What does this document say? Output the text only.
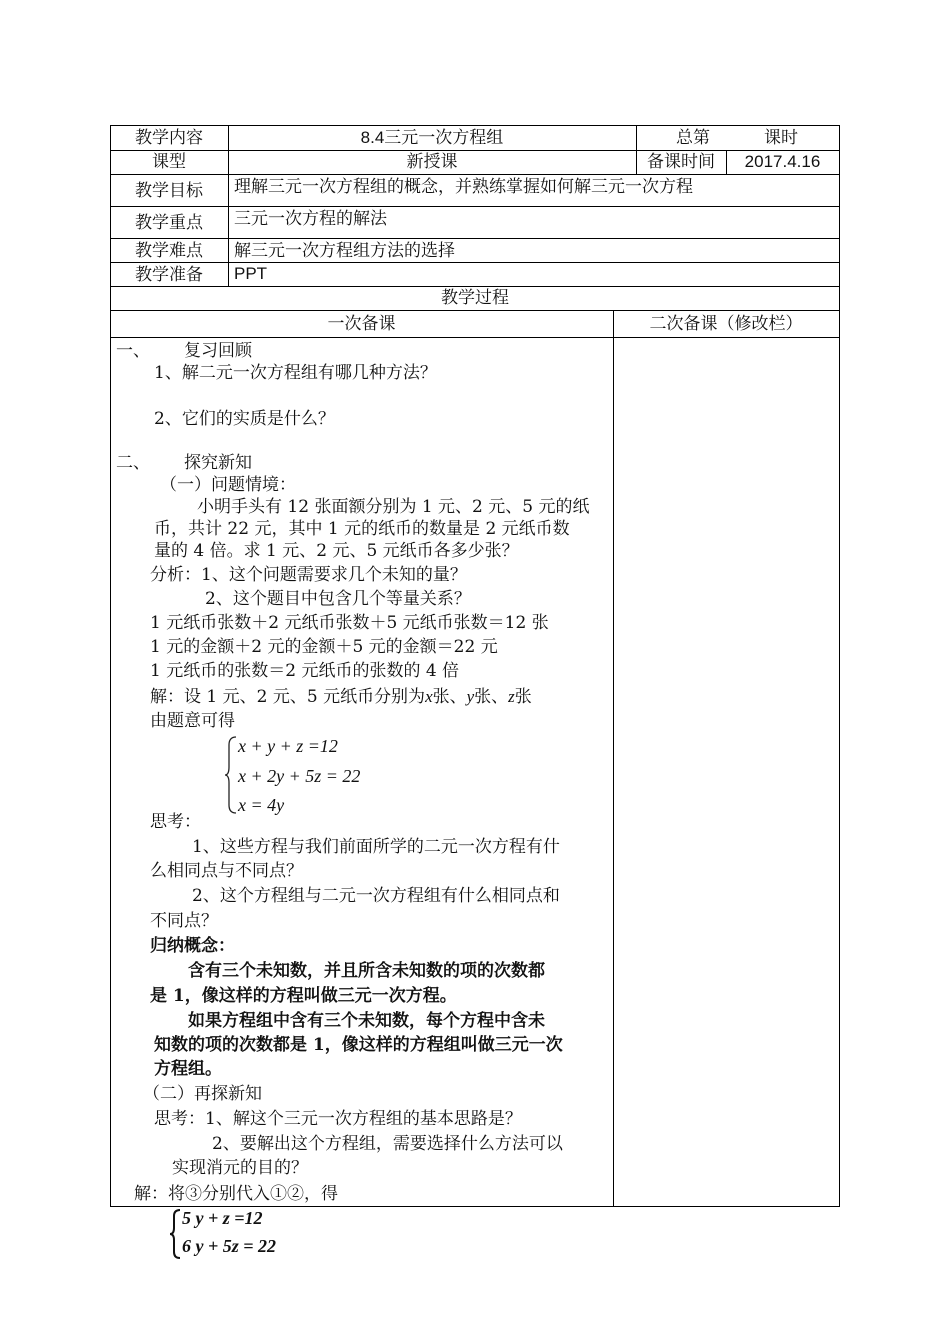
教学内容	8.4三元一次方程组	总第	课时
课型	新授课	备课时间	2017.4.16
教学目标	理解三元一次方程组的概念，并熟练掌握如何解三元一次方程
教学重点	三元一次方程的解法
教学难点	解三元一次方程组方法的选择
教学准备	PPT
教学过程
一次备课	二次备课（修改栏）
一、 复习回顾
1、解二元一次方程组有哪几种方法？
2、它们的实质是什么？
二、 探究新知
（一）问题情境：
小明手头有 12 张面额分别为 1 元、2 元、5 元的纸
币，共计 22 元，其中 1 元的纸币的数量是 2 元纸币数
量的 4 倍。求 1 元、2 元、5 元纸币各多少张？
分析：1、这个问题需要求几个未知的量？
2、这个题目中包含几个等量关系？
1 元纸币张数＋2 元纸币张数＋5 元纸币张数＝12 张
1 元的金额＋2 元的金额＋5 元的金额＝22 元
1 元纸币的张数＝2 元纸币的张数的 4 倍
解：设 1 元、2 元、5 元纸币分别为x张、y张、z张
由题意可得
x + y + z =12
x + 2y + 5z = 22
x = 4y
思考：
1、这些方程与我们前面所学的二元一次方程有什
么相同点与不同点？
2、这个方程组与二元一次方程组有什么相同点和
不同点？
归纳概念：
含有三个未知数，并且所含未知数的项的次数都
是 1，像这样的方程叫做三元一次方程。
如果方程组中含有三个未知数，每个方程中含未
知数的项的次数都是 1，像这样的方程组叫做三元一次
方程组。
（二）再探新知
思考：1、解这个三元一次方程组的基本思路是？
2、要解出这个方程组，需要选择什么方法可以
实现消元的目的？
解：将③分别代入①②，得
5 y + z =12
6 y + 5z = 22
